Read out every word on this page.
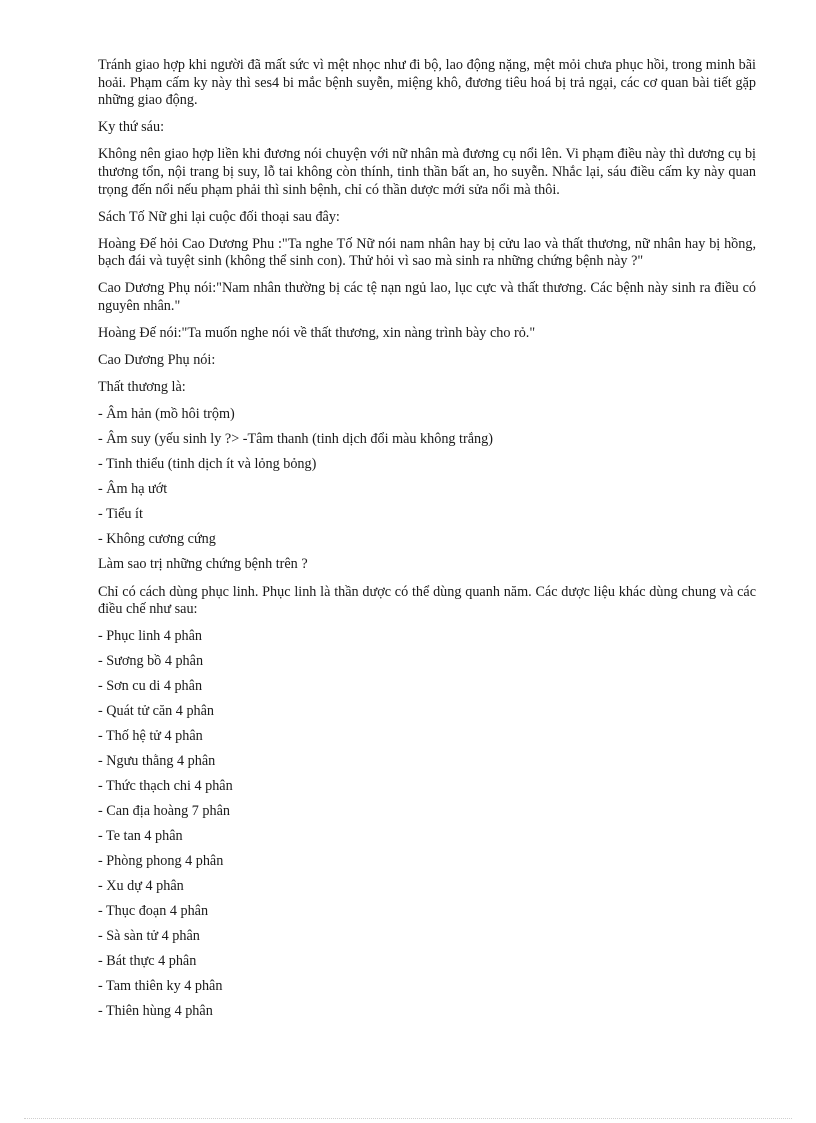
Tránh giao hợp khi người đã mất sức vì mệt nhọc như đi bộ, lao động nặng, mệt mỏi chưa phục hồi, trong minh bãi hoải. Phạm cấm ky này thì ses4 bi mắc bệnh suyễn, miệng khô, đương tiêu hoá bị trả ngại, các cơ quan bài tiết gặp những giao động.

Ky thứ sáu:

Không nên giao hợp liền khi đương nói chuyện với nữ nhân mà đương cụ nổi lên. Vi phạm điều này thì dương cụ bị thương tổn, nội trang bị suy, lỗ tai không còn thính, tinh thần bất an, ho suyễn. Nhắc lại, sáu điều cấm ky này quan trọng đến nổi nếu phạm phải thì sinh bệnh, chỉ có thần dược mới sửa nổi mà thôi.

Sách Tố Nữ ghi lại cuộc đối thoại sau đây:

Hoàng Đế hỏi Cao Dương Phu :"Ta nghe Tố Nữ nói nam nhân hay bị cửu lao và thất thương, nữ nhân hay bị hồng, bạch đái và tuyệt sinh (không thể sinh con). Thử hỏi vì sao mà sinh ra những chứng bệnh này ?"

Cao Dương Phụ nói:"Nam nhân thường bị các tệ nạn ngủ lao, lục cực và thất thương. Các bệnh này sinh ra điều có nguyên nhân."

Hoàng Đế nói:"Ta muốn nghe nói về thất thương, xin nàng trình bày cho rỏ."

Cao Dương Phụ nói:

Thất thương là:

- Âm hản (mồ hôi trộm)
- Âm suy (yếu sinh ly ?> -Tâm thanh (tinh dịch đổi màu không trắng)
- Tinh thiểu (tinh dịch ít và lỏng bỏng)
- Âm hạ ướt
- Tiểu ít
- Không cương cứng

Làm sao trị những chứng bệnh trên ?

Chỉ có cách dùng phục linh. Phục linh là thần dược có thể dùng quanh năm. Các dược liệu khác dùng chung và các điều chế như sau:

- Phục linh 4 phân
- Sương bồ 4 phân
- Sơn cu di 4 phân
- Quát tử căn 4 phân
- Thố hệ tử 4 phân
- Ngưu thằng 4 phân
- Thức thạch chi 4 phân
- Can địa hoàng 7 phân
- Te tan 4 phân
- Phòng phong 4 phân
- Xu dự 4 phân
- Thục đoạn 4 phân
- Sà sàn tử 4 phân
- Bát thực 4 phân
- Tam thiên ky 4 phân
- Thiên hùng 4 phân
